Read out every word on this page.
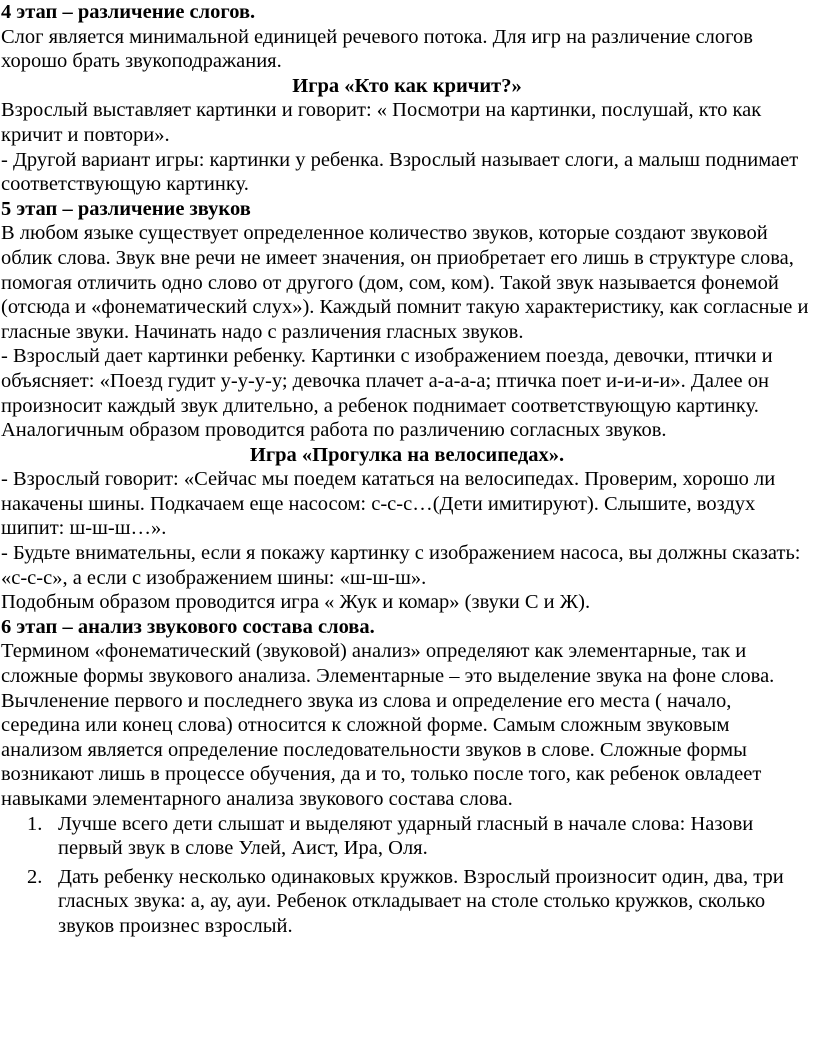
4 этап – различение слогов.

Слог является минимальной единицей речевого потока. Для игр на различение слогов хорошо брать звукоподражания.

Игра «Кто как кричит?»

Взрослый выставляет картинки и говорит: « Посмотри на картинки, послушай, кто как кричит и повтори».

- Другой вариант игры: картинки у ребенка. Взрослый называет слоги, а малыш поднимает соответствующую картинку.

5 этап – различение звуков

В любом языке существует определенное количество звуков, которые создают звуковой облик слова. Звук вне речи не имеет значения, он приобретает его лишь в структуре слова, помогая отличить одно слово от другого (дом, сом, ком). Такой звук называется фонемой (отсюда и «фонематический слух»). Каждый помнит такую характеристику, как согласные и гласные звуки. Начинать надо с различения гласных звуков.

- Взрослый дает картинки ребенку. Картинки с изображением поезда, девочки, птички и объясняет: «Поезд гудит у-у-у-у; девочка плачет а-а-а-а; птичка поет и-и-и-и». Далее он произносит каждый звук длительно, а ребенок поднимает соответствующую картинку.

Аналогичным образом проводится работа по различению согласных звуков.

Игра «Прогулка на велосипедах».

- Взрослый говорит: «Сейчас мы поедем кататься на велосипедах. Проверим, хорошо ли накачены шины. Подкачаем еще насосом: с-с-с…(Дети имитируют). Слышите, воздух шипит: ш-ш-ш…».

- Будьте внимательны, если я покажу картинку с изображением насоса, вы должны сказать: «с-с-с», а если с изображением шины: «ш-ш-ш».

Подобным образом проводится игра « Жук и комар» (звуки С и Ж).

6 этап – анализ звукового состава слова.

Термином «фонематический (звуковой) анализ» определяют как элементарные, так и сложные формы звукового анализа. Элементарные – это выделение звука на фоне слова. Вычленение первого и последнего звука из слова и определение его места ( начало, середина или конец слова) относится к сложной форме. Самым сложным звуковым анализом является определение последовательности звуков в слове. Сложные формы возникают лишь в процессе обучения, да и то, только после того, как ребенок овладеет навыками элементарного анализа звукового состава слова.

1. Лучше всего дети слышат и выделяют ударный гласный в начале слова: Назови первый звук в слове Улей, Аист, Ира, Оля.
2. Дать ребенку несколько одинаковых кружков. Взрослый произносит один, два, три гласных звука: а, ау, ауи. Ребенок откладывает на столе столько кружков, сколько звуков произнес взрослый.
